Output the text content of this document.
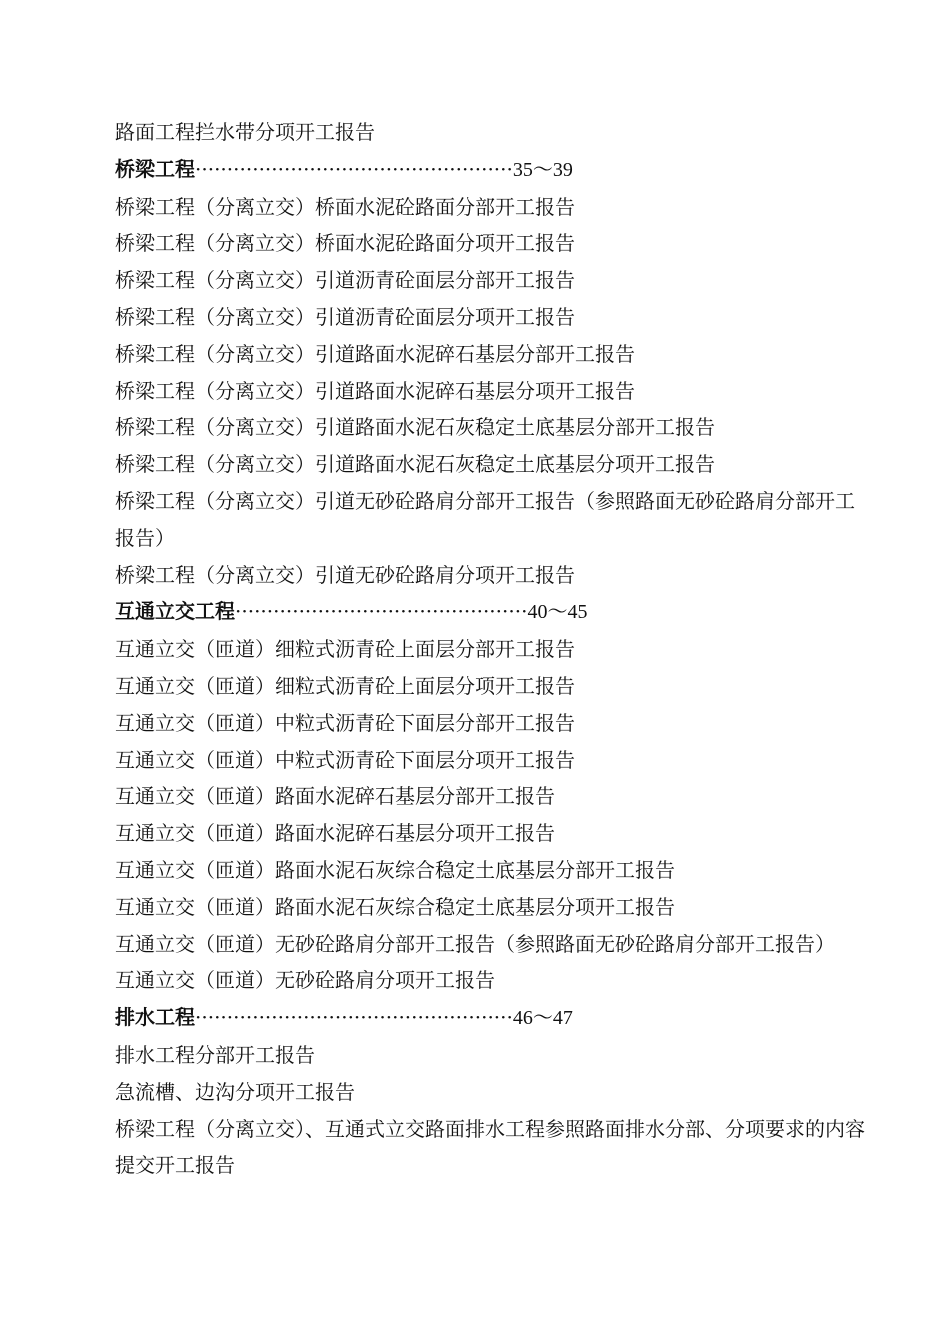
路面工程拦水带分项开工报告
桥梁工程 ·················································· 35～39
桥梁工程（分离立交）桥面水泥砼路面分部开工报告
桥梁工程（分离立交）桥面水泥砼路面分项开工报告
桥梁工程（分离立交）引道沥青砼面层分部开工报告
桥梁工程（分离立交）引道沥青砼面层分项开工报告
桥梁工程（分离立交）引道路面水泥碎石基层分部开工报告
桥梁工程（分离立交）引道路面水泥碎石基层分项开工报告
桥梁工程（分离立交）引道路面水泥石灰稳定土底基层分部开工报告
桥梁工程（分离立交）引道路面水泥石灰稳定土底基层分项开工报告
桥梁工程（分离立交）引道无砂砼路肩分部开工报告（参照路面无砂砼路肩分部开工报告）
桥梁工程（分离立交）引道无砂砼路肩分项开工报告
互通立交工程 ·············································· 40～45
互通立交（匝道）细粒式沥青砼上面层分部开工报告
互通立交（匝道）细粒式沥青砼上面层分项开工报告
互通立交（匝道）中粒式沥青砼下面层分部开工报告
互通立交（匝道）中粒式沥青砼下面层分项开工报告
互通立交（匝道）路面水泥碎石基层分部开工报告
互通立交（匝道）路面水泥碎石基层分项开工报告
互通立交（匝道）路面水泥石灰综合稳定土底基层分部开工报告
互通立交（匝道）路面水泥石灰综合稳定土底基层分项开工报告
互通立交（匝道）无砂砼路肩分部开工报告（参照路面无砂砼路肩分部开工报告）
互通立交（匝道）无砂砼路肩分项开工报告
排水工程 ·················································· 46～47
排水工程分部开工报告
急流槽、边沟分项开工报告
桥梁工程（分离立交）、互通式立交路面排水工程参照路面排水分部、分项要求的内容提交开工报告
